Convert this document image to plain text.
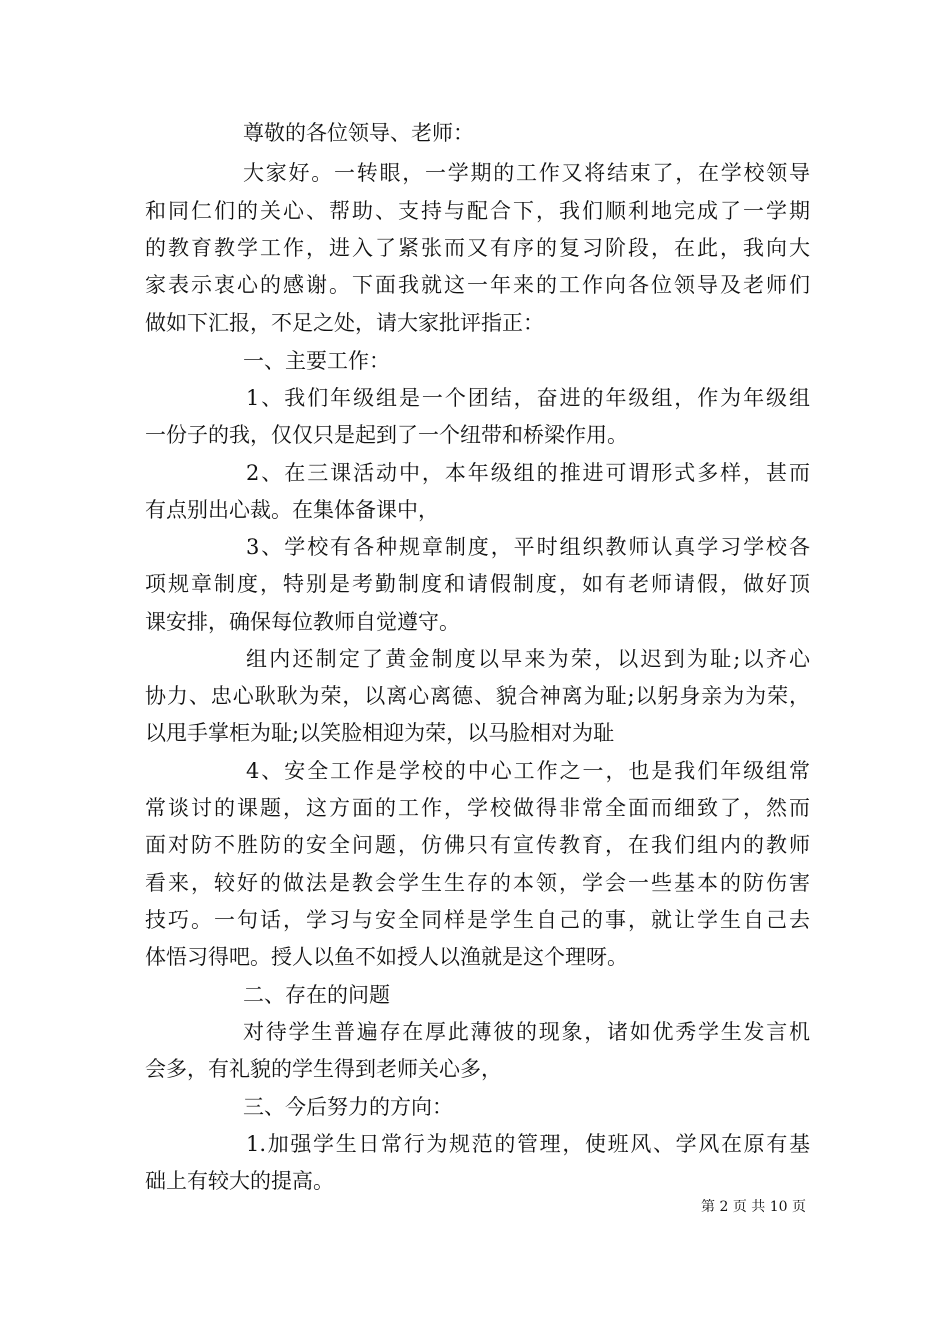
尊敬的各位领导、老师：
大家好。一转眼，一学期的工作又将结束了，在学校领导
和同仁们的关心、帮助、支持与配合下，我们顺利地完成了一学期
的教育教学工作，进入了紧张而又有序的复习阶段，在此，我向大
家表示衷心的感谢。下面我就这一年来的工作向各位领导及老师们
做如下汇报，不足之处，请大家批评指正：
一、主要工作：
1、我们年级组是一个团结，奋进的年级组，作为年级组
一份子的我，仅仅只是起到了一个纽带和桥梁作用。
2、在三课活动中，本年级组的推进可谓形式多样，甚而
有点别出心裁。在集体备课中，
3、学校有各种规章制度，平时组织教师认真学习学校各
项规章制度，特别是考勤制度和请假制度，如有老师请假，做好顶
课安排，确保每位教师自觉遵守。
组内还制定了黄金制度以早来为荣，以迟到为耻;以齐心
协力、忠心耿耿为荣，以离心离德、貌合神离为耻;以躬身亲为为荣，
以甩手掌柜为耻;以笑脸相迎为荣，以马脸相对为耻
4、安全工作是学校的中心工作之一，也是我们年级组常
常谈讨的课题，这方面的工作，学校做得非常全面而细致了，然而
面对防不胜防的安全问题，仿佛只有宣传教育，在我们组内的教师
看来，较好的做法是教会学生生存的本领，学会一些基本的防伤害
技巧。一句话，学习与安全同样是学生自己的事，就让学生自己去
体悟习得吧。授人以鱼不如授人以渔就是这个理呀。
二、存在的问题
对待学生普遍存在厚此薄彼的现象，诸如优秀学生发言机
会多，有礼貌的学生得到老师关心多，
三、今后努力的方向：
1.加强学生日常行为规范的管理，使班风、学风在原有基
础上有较大的提高。
第 2 页 共 10 页
